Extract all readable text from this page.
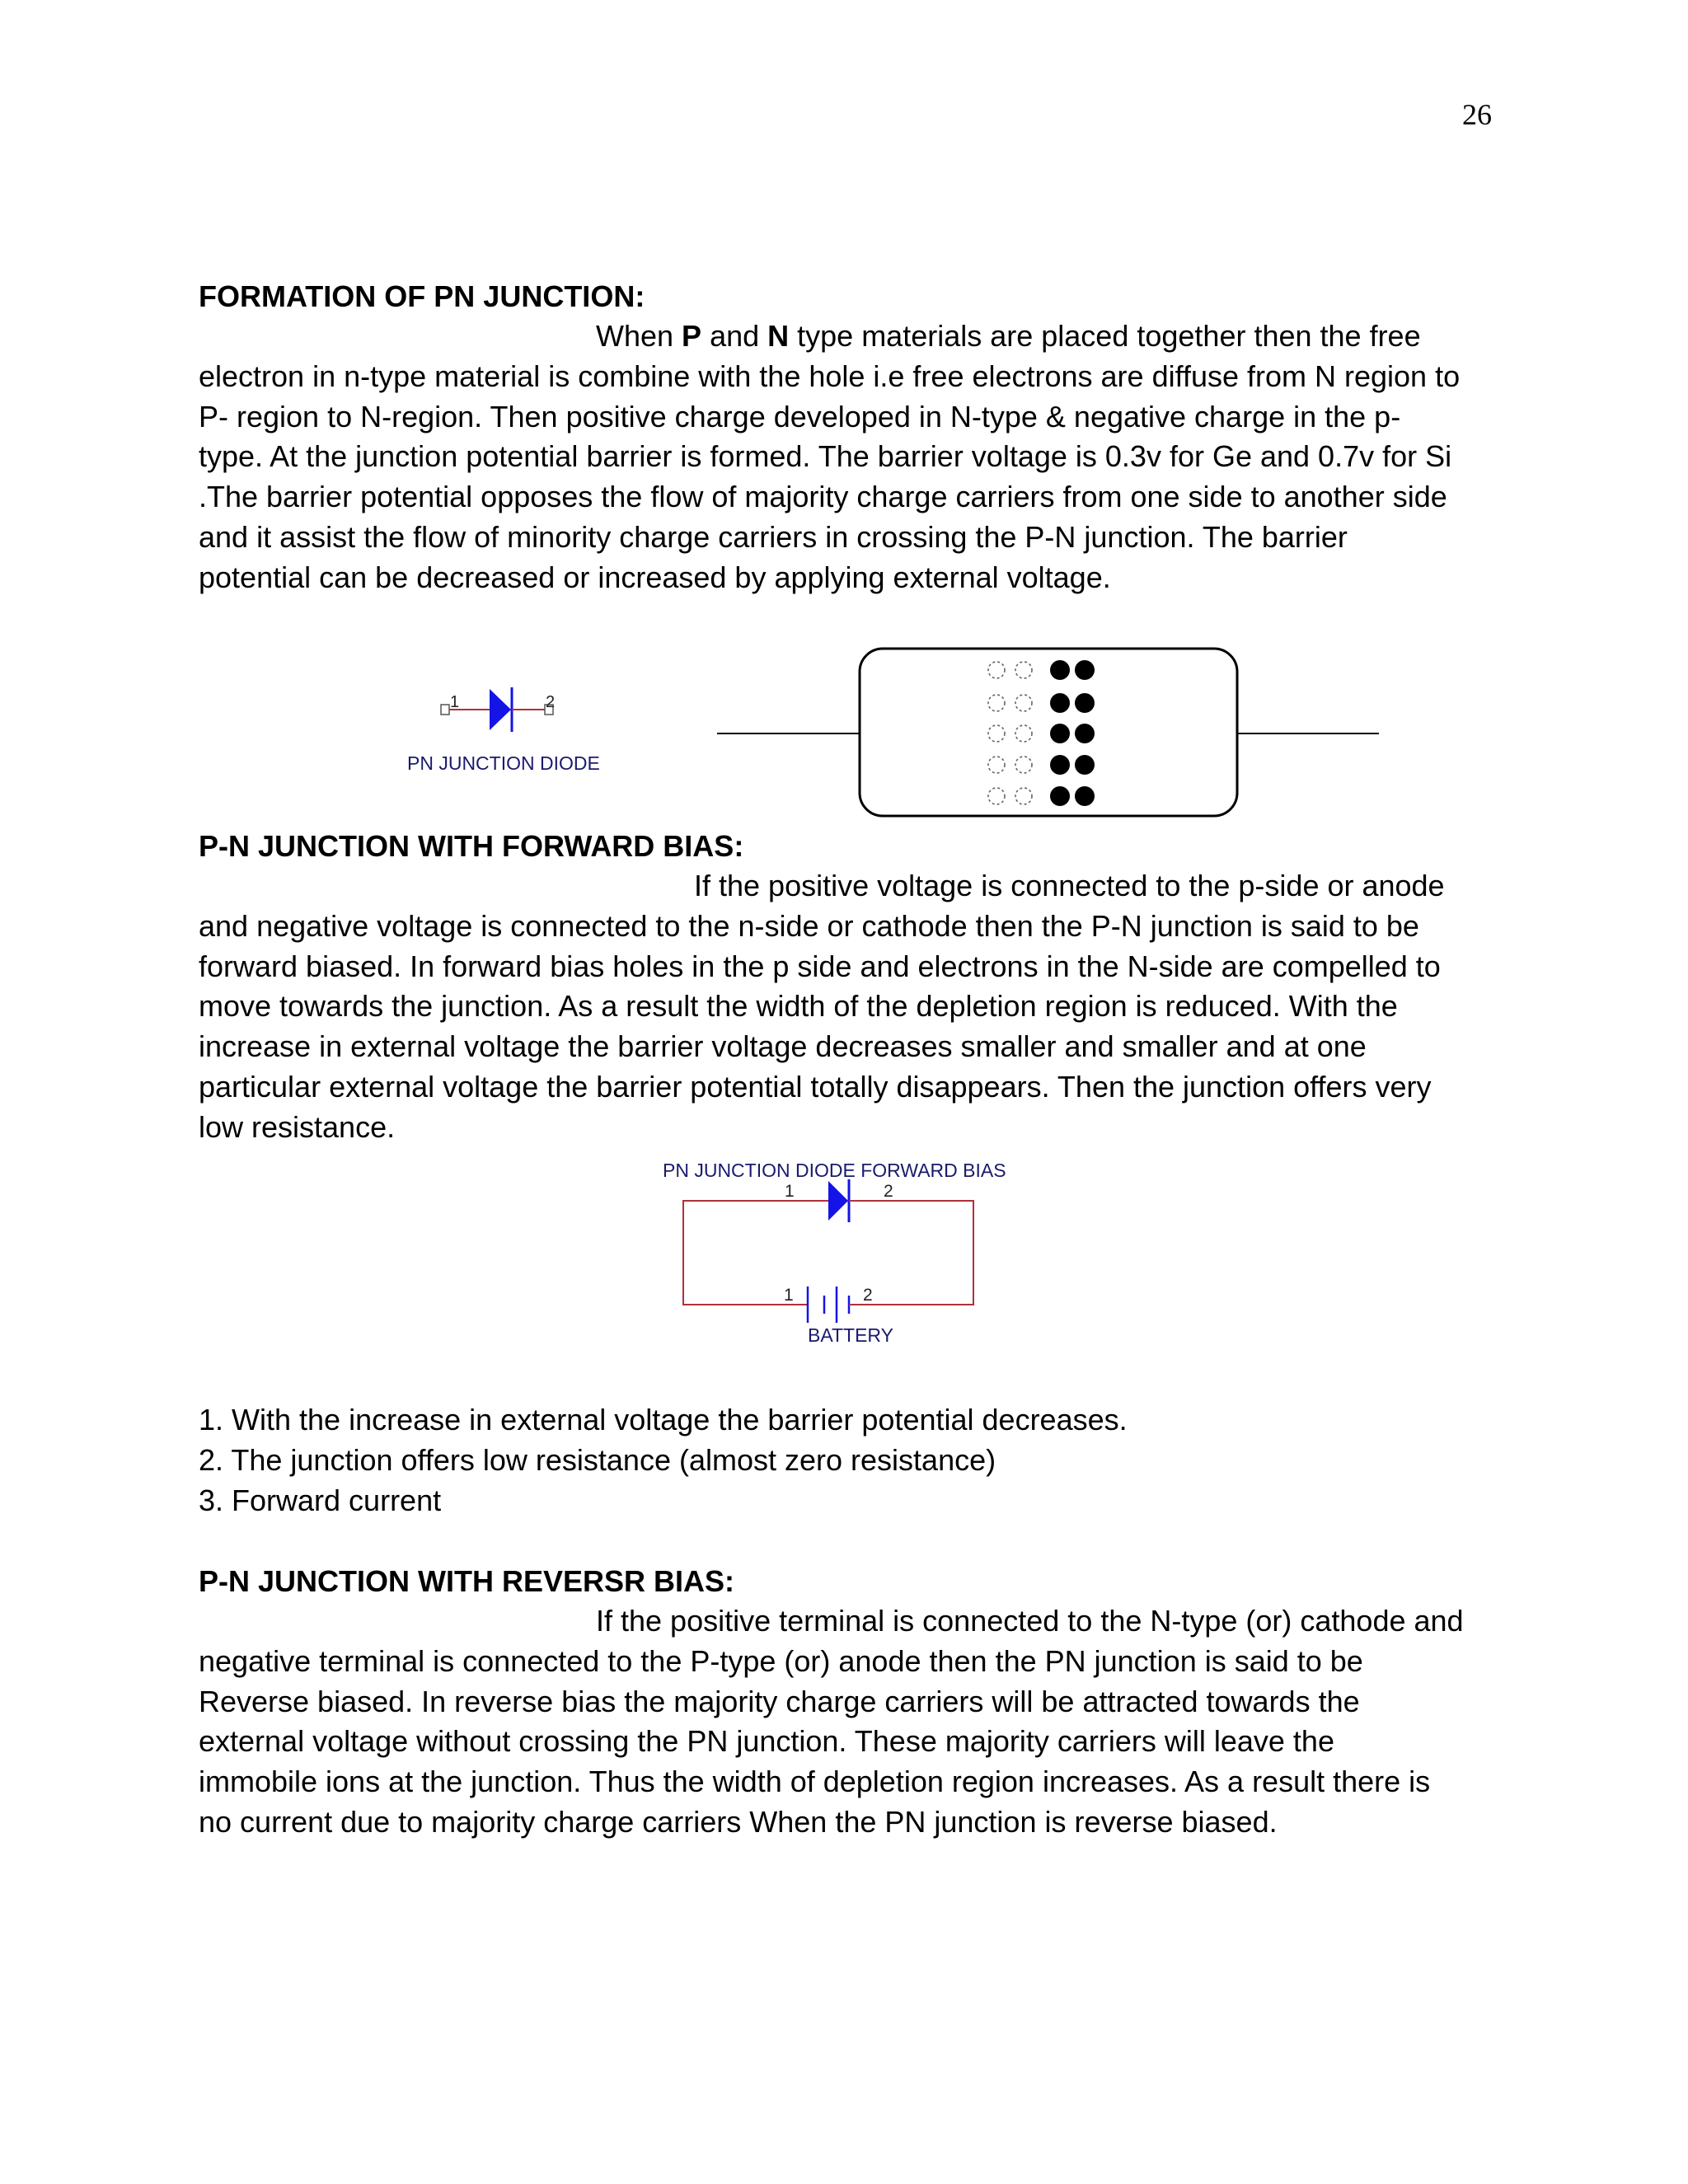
26
FORMATION OF PN JUNCTION:
When P and N type materials are placed together then the free
electron in n-type material is combine with the hole i.e free electrons are diffuse from N region to
P- region to N-region. Then positive charge developed in N-type & negative charge in the p-
type. At the junction potential barrier is formed. The barrier voltage is 0.3v for Ge and 0.7v for Si
.The barrier potential opposes the flow of majority charge carriers from one side to another side
and it assist the flow of minority charge carriers in crossing the P-N junction. The barrier
potential can be decreased or increased by applying external voltage.
1	2
PN JUNCTION DIODE
P-N JUNCTION WITH FORWARD BIAS:
If the positive voltage is connected to the p-side or anode
and negative voltage is connected to the n-side or cathode then the P-N junction is said to be
forward biased. In forward bias holes in the p side and electrons in the N-side are compelled to
move towards the junction. As a result the width of the depletion region is reduced. With the
increase in external voltage the barrier voltage decreases smaller and smaller and at one
particular external voltage the barrier potential totally disappears. Then the junction offers very
low resistance.
PN JUNCTION DIODE FORWARD BIAS
1	2
1	2
BATTERY
1. With the increase in external voltage the barrier potential decreases.
2. The junction offers low resistance (almost zero resistance)
3. Forward current
P-N JUNCTION WITH REVERSR BIAS:
If the positive terminal is connected to the N-type (or) cathode and
negative terminal is connected to the P-type (or) anode then the PN junction is said to be
Reverse biased. In reverse bias the majority charge carriers will be attracted towards the
external voltage without crossing the PN junction. These majority carriers will leave the
immobile ions at the junction. Thus the width of depletion region increases. As a result there is
no current due to majority charge carriers When the PN junction is reverse biased.
